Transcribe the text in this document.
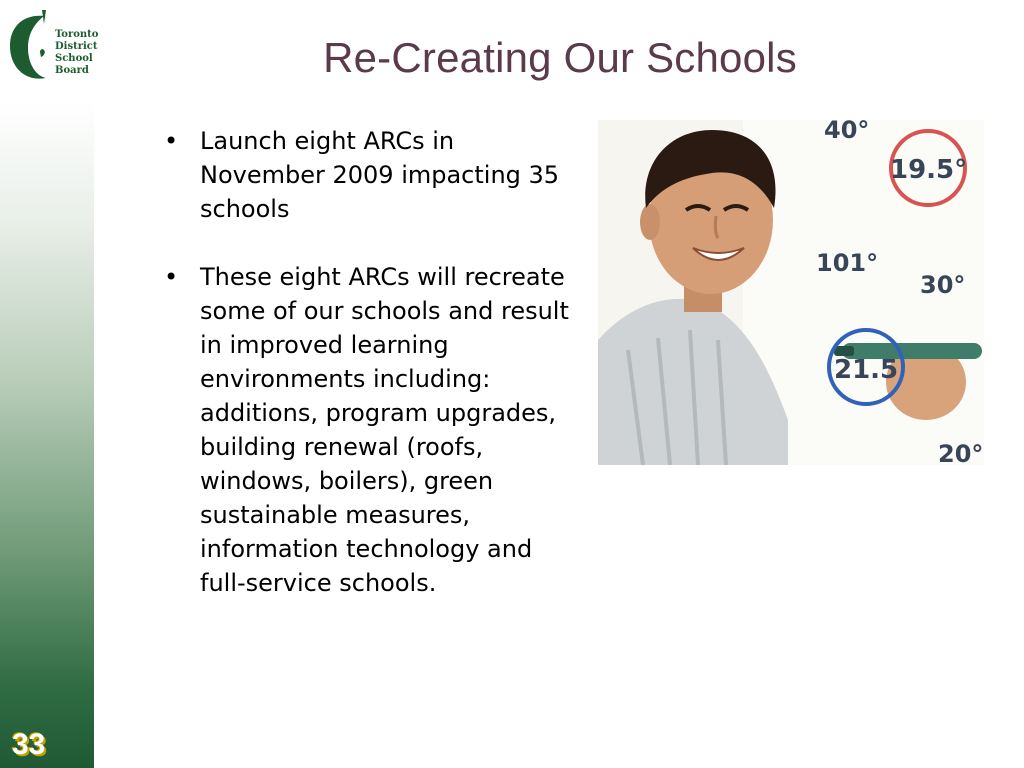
Toronto
District
School
Board	Re-Creating Our Schools
• Launch eight ARCs in November 2009 impacting 35 schools
• These eight ARCs will recreate some of our schools and result in improved learning environments including: additions, program upgrades, building renewal (roofs, windows, boilers), green sustainable measures, information technology and full-service schools.
40°
19.5°
101°
30°
21.5
20°
33
